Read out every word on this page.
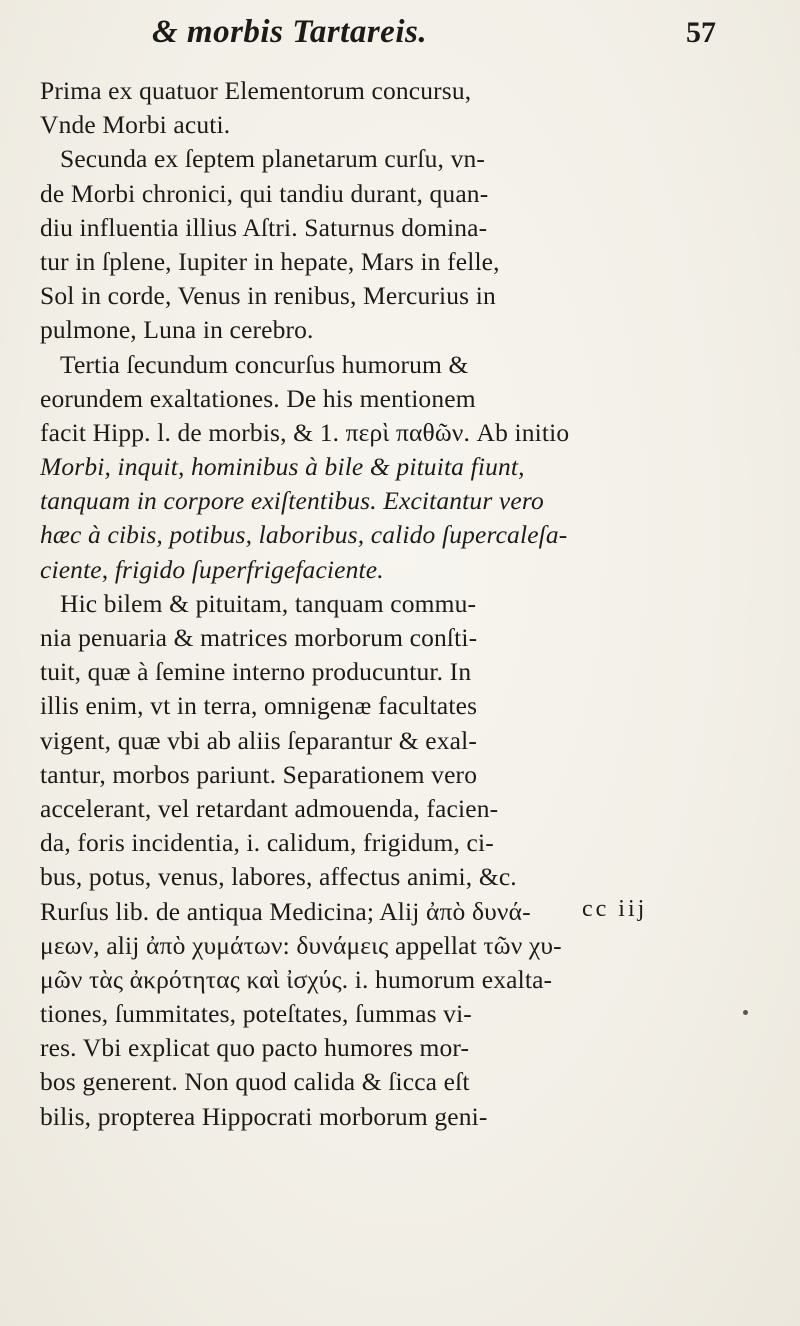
& morbis Tartareis.	57
Prima ex quatuor Elementorum concursu,
Vnde Morbi acuti.
Secunda ex ſeptem planetarum curſu, vn-
de Morbi chronici, qui tandiu durant, quan-
diu influentia illius Aſtri. Saturnus domina-
tur in ſplene, Iupiter in hepate, Mars in felle,
Sol in corde, Venus in renibus, Mercurius in
pulmone, Luna in cerebro.
Tertia ſecundum concurſus humorum &
eorundem exaltationes. De his mentionem
facit Hipp. l. de morbis, & 1. περὶ παθῶν. Ab initio
Morbi, inquit, hominibus à bile & pituita fiunt,
tanquam in corpore exiſtentibus. Excitantur vero
hæc à cibis, potibus, laboribus, calido ſupercaleſa-
ciente, frigido ſuperfrigefaciente.
Hic bilem & pituitam, tanquam commu-
nia penuaria & matrices morborum conſti-
tuit, quæ à ſemine interno producuntur. In
illis enim, vt in terra, omnigenæ facultates
vigent, quæ vbi ab aliis ſeparantur & exal-
tantur, morbos pariunt. Separationem vero
accelerant, vel retardant admouenda, facien-
da, foris incidentia, i. calidum, frigidum, ci-
bus, potus, venus, labores, affectus animi, &c.
Rurſus lib. de antiqua Medicina; Alij ἀπὸ δυνά-
μεων, alij ἀπὸ χυμάτων: δυνάμεις appellat τῶν χυ-
μῶν τὰς ἀκρότητας καὶ ἰσχύς. i. humorum exalta-
tiones, ſummitates, poteſtates, ſummas vi-
res. Vbi explicat quo pacto humores mor-
bos generent. Non quod calida & ſicca eſt
bilis, propterea Hippocrati morborum geni-
cc iij
